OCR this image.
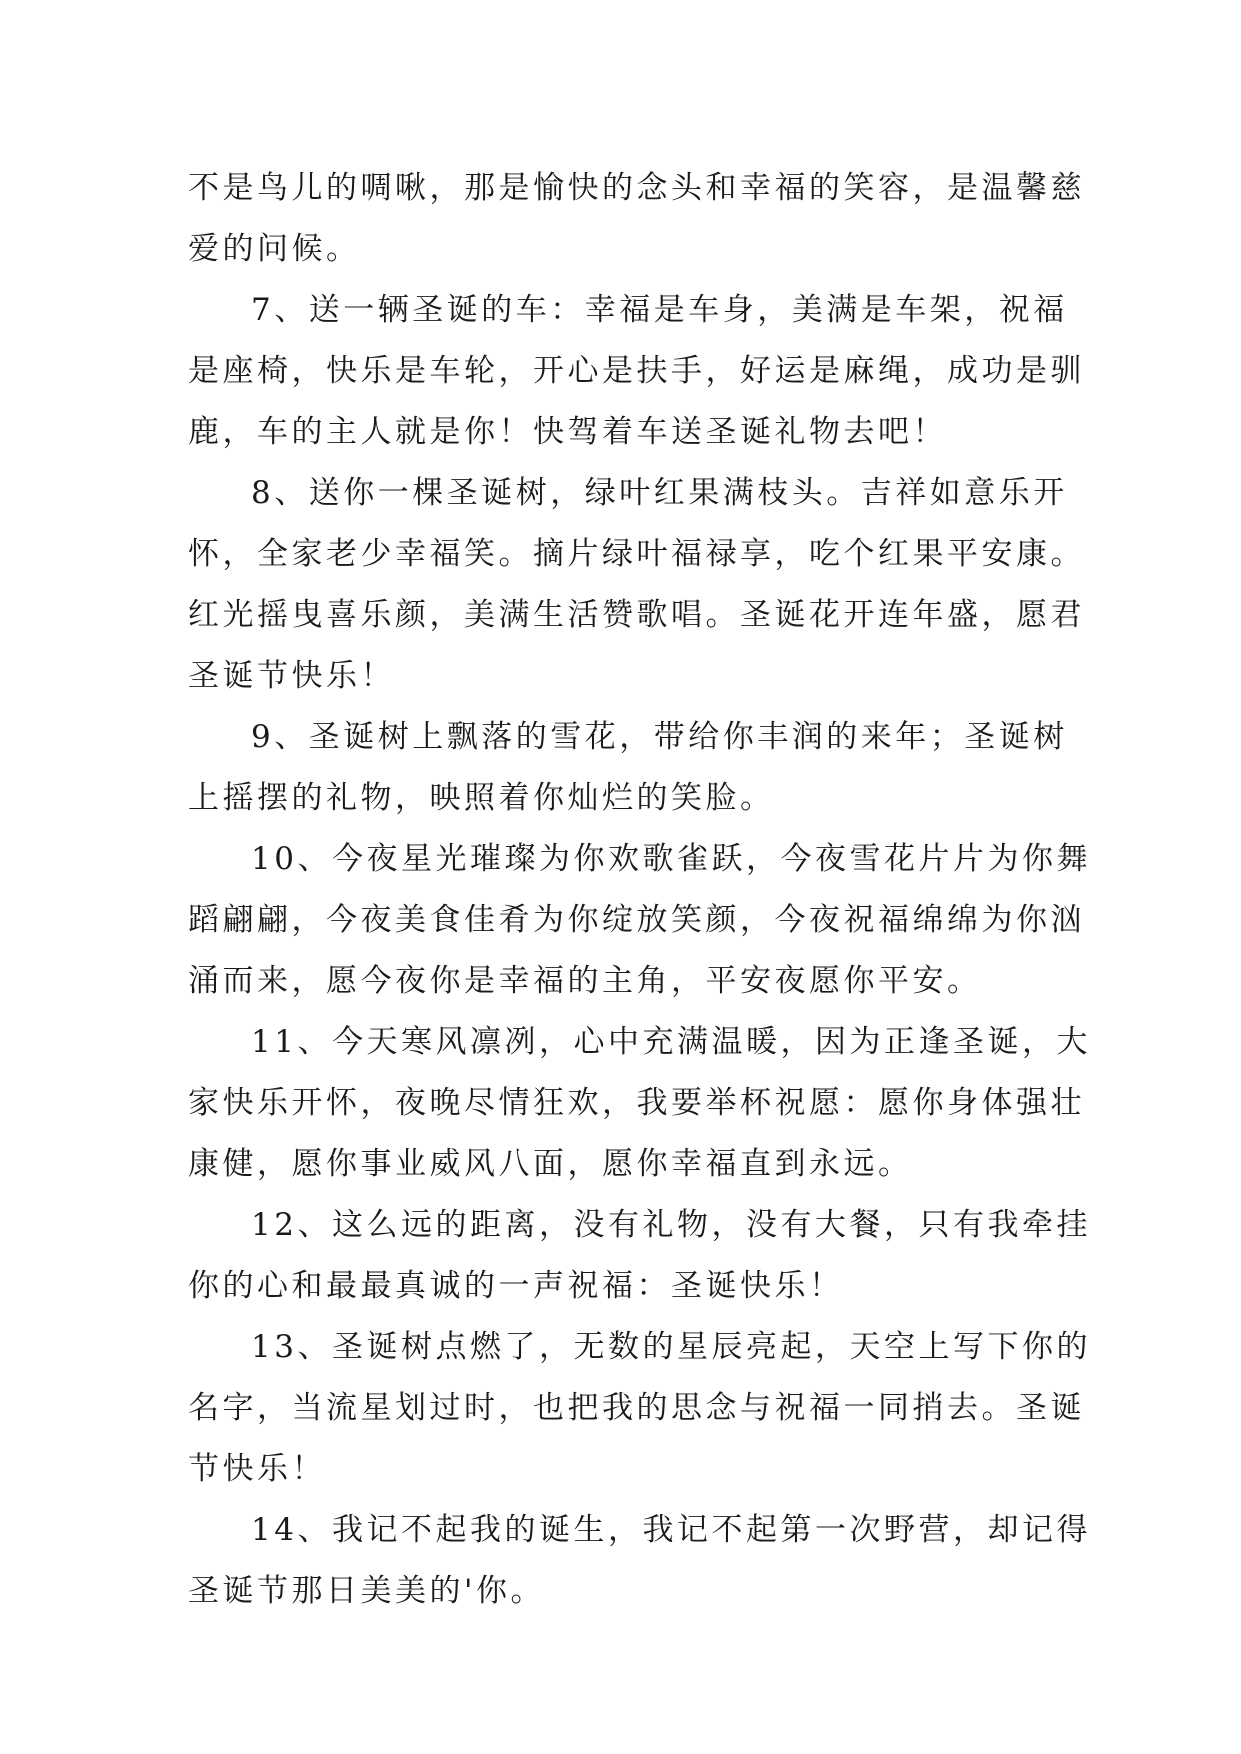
不是鸟儿的啁啾，那是愉快的念头和幸福的笑容，是温馨慈
爱的问候。
7、送一辆圣诞的车：幸福是车身，美满是车架，祝福
是座椅，快乐是车轮，开心是扶手，好运是麻绳，成功是驯
鹿，车的主人就是你！快驾着车送圣诞礼物去吧！
8、送你一棵圣诞树，绿叶红果满枝头。吉祥如意乐开
怀，全家老少幸福笑。摘片绿叶福禄享，吃个红果平安康。
红光摇曳喜乐颜，美满生活赞歌唱。圣诞花开连年盛，愿君
圣诞节快乐！
9、圣诞树上飘落的雪花，带给你丰润的来年；圣诞树
上摇摆的礼物，映照着你灿烂的笑脸。
10、今夜星光璀璨为你欢歌雀跃，今夜雪花片片为你舞
蹈翩翩，今夜美食佳肴为你绽放笑颜，今夜祝福绵绵为你汹
涌而来，愿今夜你是幸福的主角，平安夜愿你平安。
11、今天寒风凛冽，心中充满温暖，因为正逢圣诞，大
家快乐开怀，夜晚尽情狂欢，我要举杯祝愿：愿你身体强壮
康健，愿你事业威风八面，愿你幸福直到永远。
12、这么远的距离，没有礼物，没有大餐，只有我牵挂
你的心和最最真诚的一声祝福：圣诞快乐！
13、圣诞树点燃了，无数的星辰亮起，天空上写下你的
名字，当流星划过时，也把我的思念与祝福一同捎去。圣诞
节快乐！
14、我记不起我的诞生，我记不起第一次野营，却记得
圣诞节那日美美的'你。
